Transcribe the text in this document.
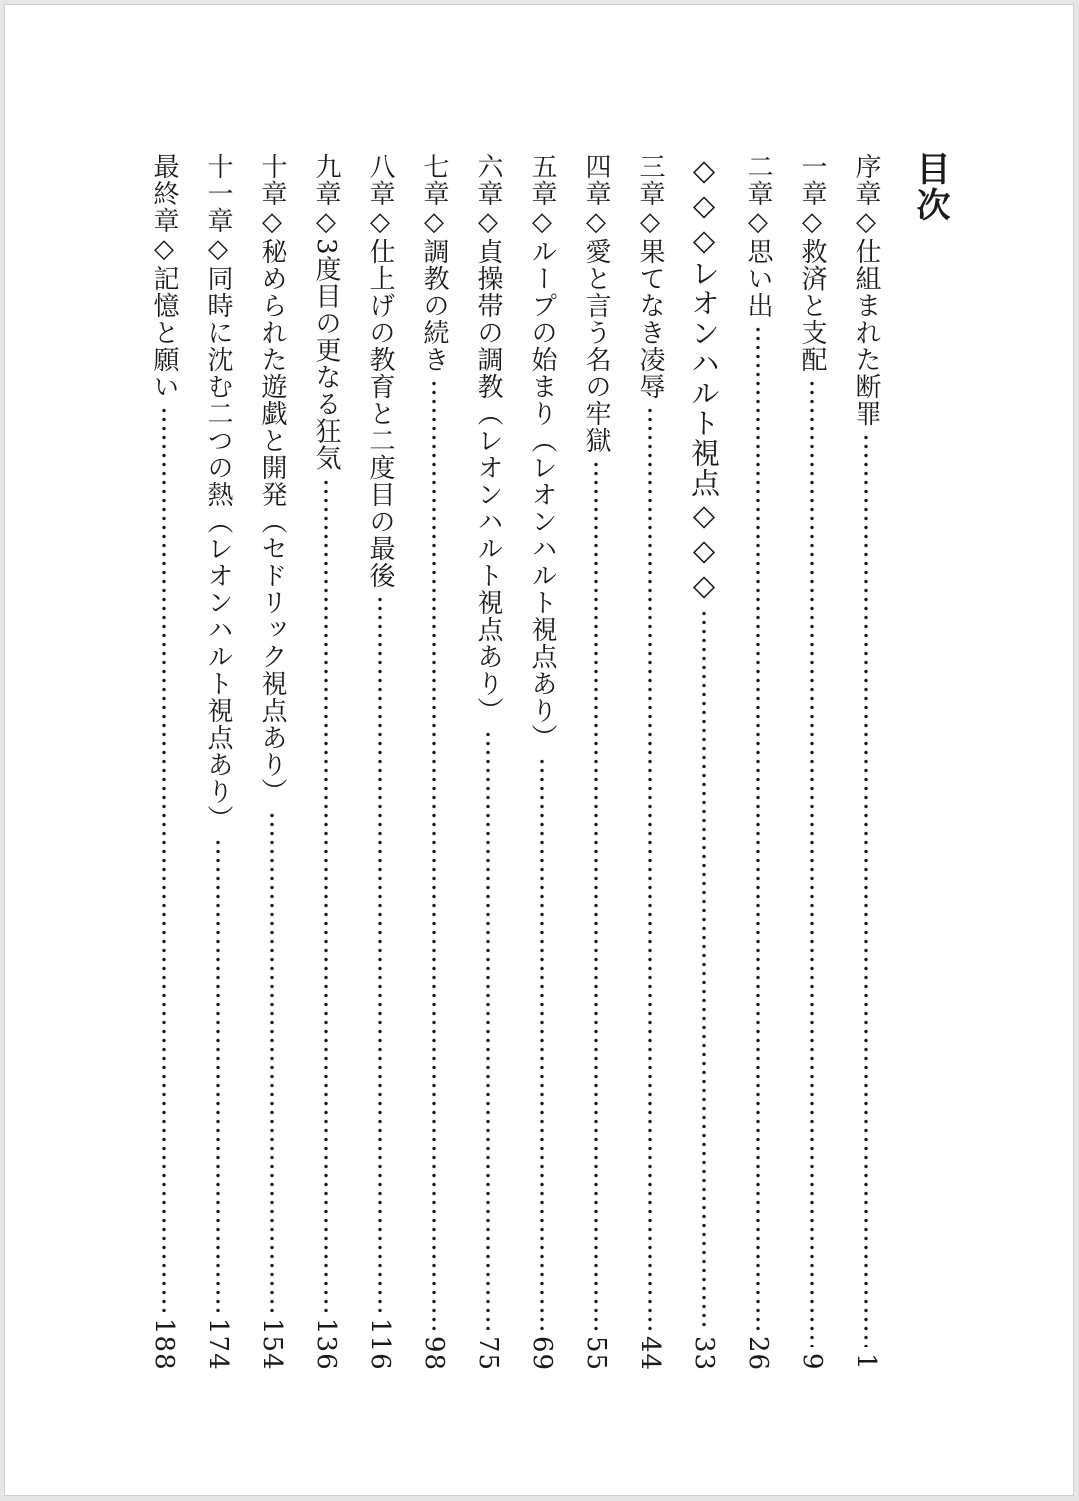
目次
序章◇仕組まれた断罪
1
一章◇救済と支配
9
二章◇思い出
26
◇◇◇レオンハルト視点◇◇◇
33
三章◇果てなき凌辱
44
四章◇愛と言う名の牢獄
55
五章◇ループの始まり（レオンハルト視点あり）
69
六章◇貞操帯の調教（レオンハルト視点あり）
75
七章◇調教の続き
98
八章◇仕上げの教育と二度目の最後
116
九章◇3度目の更なる狂気
136
十章◇秘められた遊戯と開発（セドリック視点あり）
154
十一章◇同時に沈む二つの熱（レオンハルト視点あり）
174
最終章◇記憶と願い
188
